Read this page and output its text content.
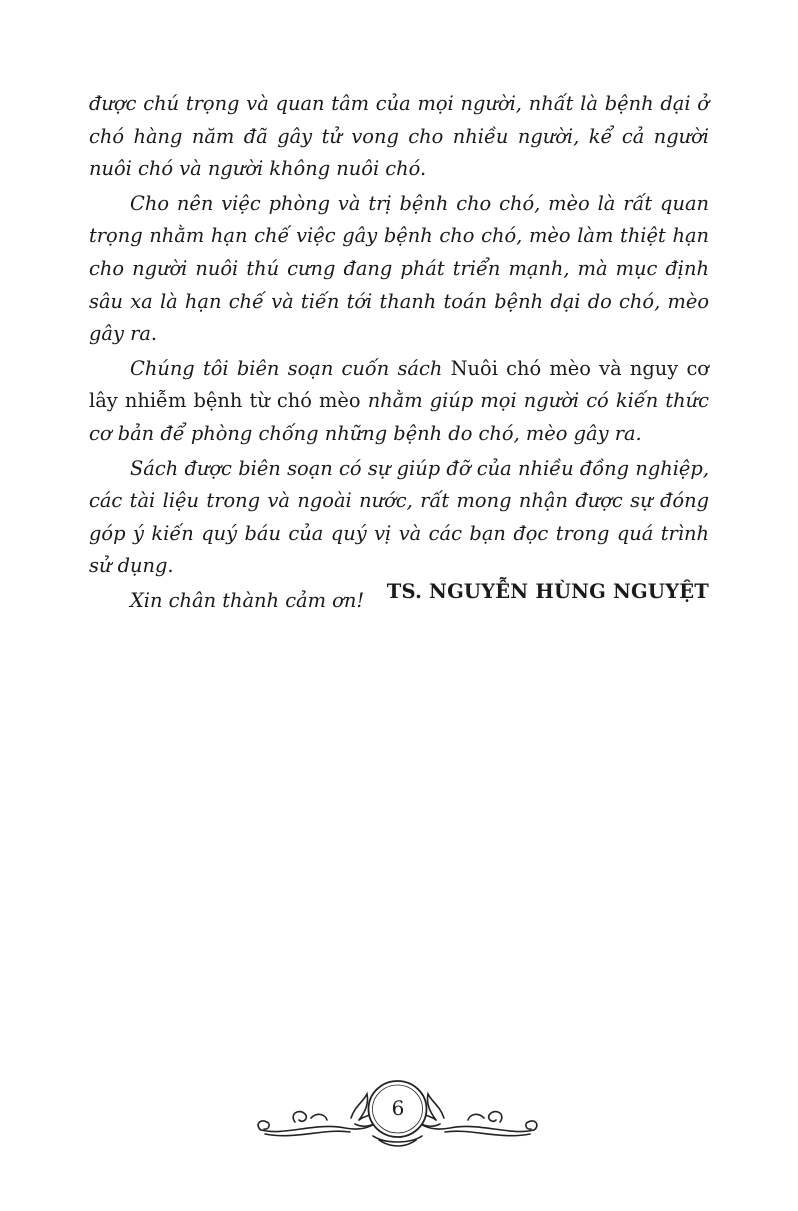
được chú trọng và quan tâm của mọi người, nhất là bệnh dại ở chó hàng năm đã gây tử vong cho nhiều người, kể cả người nuôi chó và người không nuôi chó.

Cho nên việc phòng và trị bệnh cho chó, mèo là rất quan trọng nhằm hạn chế việc gây bệnh cho chó, mèo làm thiệt hạn cho người nuôi thú cưng đang phát triển mạnh, mà mục định sâu xa là hạn chế và tiến tới thanh toán bệnh dại do chó, mèo gây ra.

Chúng tôi biên soạn cuốn sách Nuôi chó mèo và nguy cơ lây nhiễm bệnh từ chó mèo nhằm giúp mọi người có kiến thức cơ bản để phòng chống những bệnh do chó, mèo gây ra.

Sách được biên soạn có sự giúp đỡ của nhiều đồng nghiệp, các tài liệu trong và ngoài nước, rất mong nhận được sự đóng góp ý kiến quý báu của quý vị và các bạn đọc trong quá trình sử dụng.

Xin chân thành cảm ơn!	TS. NGUYỄN HÙNG NGUYỆT
6
